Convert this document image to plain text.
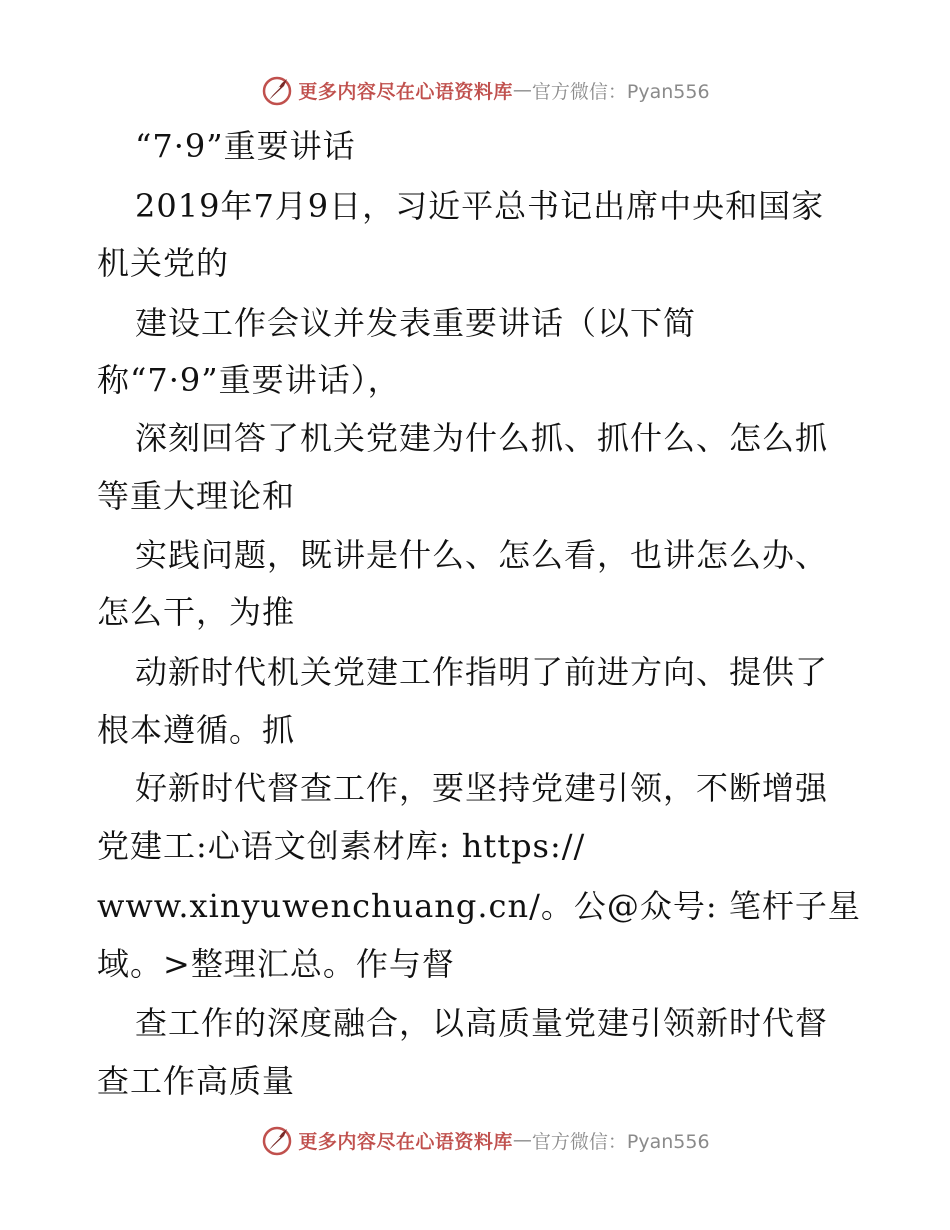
更多内容尽在心语资料库 — 官方微信：Pyan556
“7·9”重要讲话
2019年7月9日，习近平总书记出席中央和国家
机关党的
建设工作会议并发表重要讲话（以下简
称“7·9”重要讲话），
深刻回答了机关党建为什么抓、抓什么、怎么抓
等重大理论和
实践问题，既讲是什么、怎么看，也讲怎么办、
怎么干，为推
动新时代机关党建工作指明了前进方向、提供了
根本遵循。抓
好新时代督查工作，要坚持党建引领，不断增强
党建工:心语文创素材库: https://
www.xinyuwenchuang.cn/。公@众号: 笔杆子星
域。>整理汇总。作与督
查工作的深度融合，以高质量党建引领新时代督
查工作高质量
更多内容尽在心语资料库 — 官方微信：Pyan556
